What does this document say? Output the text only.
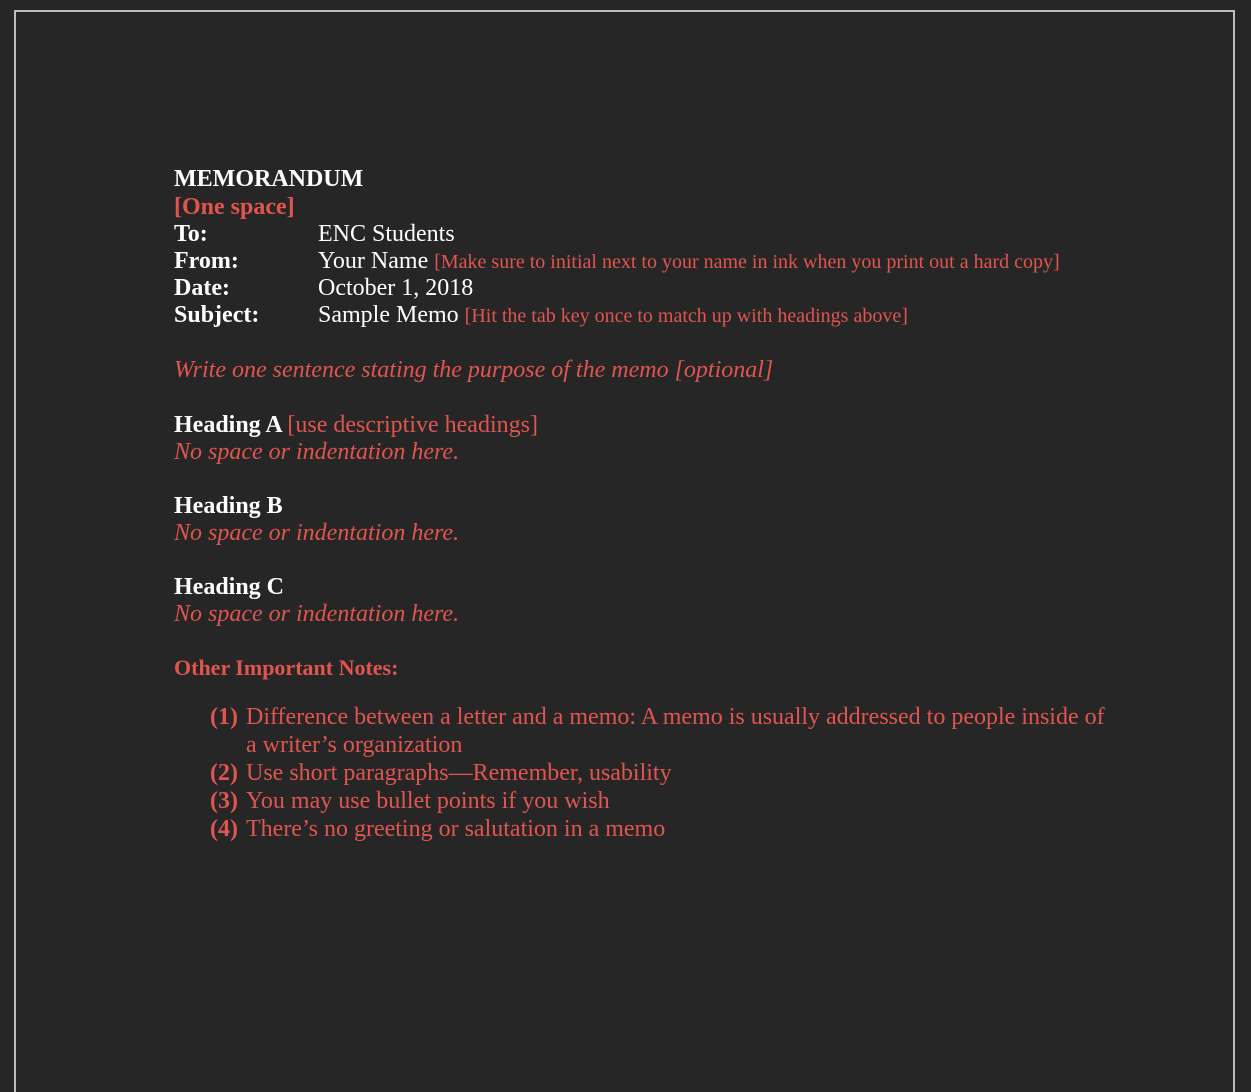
MEMORANDUM
[One space]
To:	ENC Students
From:	Your Name [Make sure to initial next to your name in ink when you print out a hard copy]
Date:	October 1, 2018
Subject:	Sample Memo [Hit the tab key once to match up with headings above]
Write one sentence stating the purpose of the memo [optional]
Heading A [use descriptive headings]
No space or indentation here.
Heading B
No space or indentation here.
Heading C
No space or indentation here.
Other Important Notes:
(1) Difference between a letter and a memo: A memo is usually addressed to people inside of a writer’s organization
(2) Use short paragraphs—Remember, usability
(3) You may use bullet points if you wish
(4) There’s no greeting or salutation in a memo
